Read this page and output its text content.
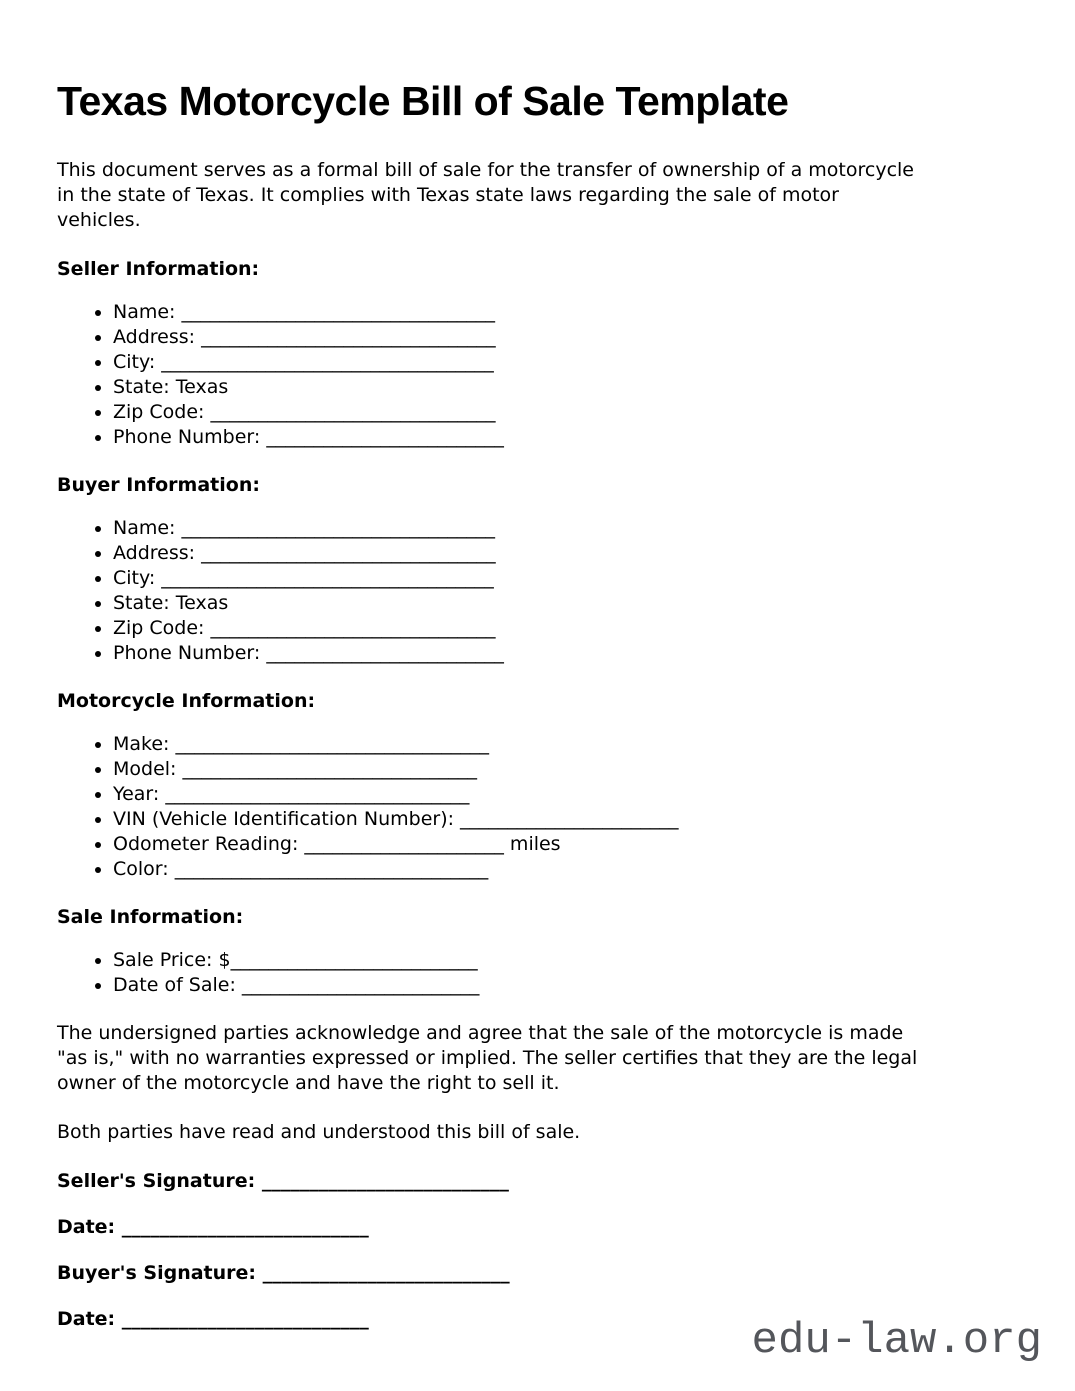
Texas Motorcycle Bill of Sale Template

This document serves as a formal bill of sale for the transfer of ownership of a motorcycle
in the state of Texas. It complies with Texas state laws regarding the sale of motor
vehicles.

Seller Information:
• Name: _________________________________
• Address: _______________________________
• City: ___________________________________
• State: Texas
• Zip Code: ______________________________
• Phone Number: _________________________
Buyer Information:
• Name: _________________________________
• Address: _______________________________
• City: ___________________________________
• State: Texas
• Zip Code: ______________________________
• Phone Number: _________________________
Motorcycle Information:
• Make: _________________________________
• Model: _______________________________
• Year: ________________________________
• VIN (Vehicle Identification Number): _______________________
• Odometer Reading: _____________________ miles
• Color: _________________________________
Sale Information:
• Sale Price: $__________________________
• Date of Sale: _________________________

The undersigned parties acknowledge and agree that the sale of the motorcycle is made
"as is," with no warranties expressed or implied. The seller certifies that they are the legal
owner of the motorcycle and have the right to sell it.

Both parties have read and understood this bill of sale.

Seller's Signature: __________________________

Date: __________________________

Buyer's Signature: __________________________

Date: __________________________	edu-law.org
